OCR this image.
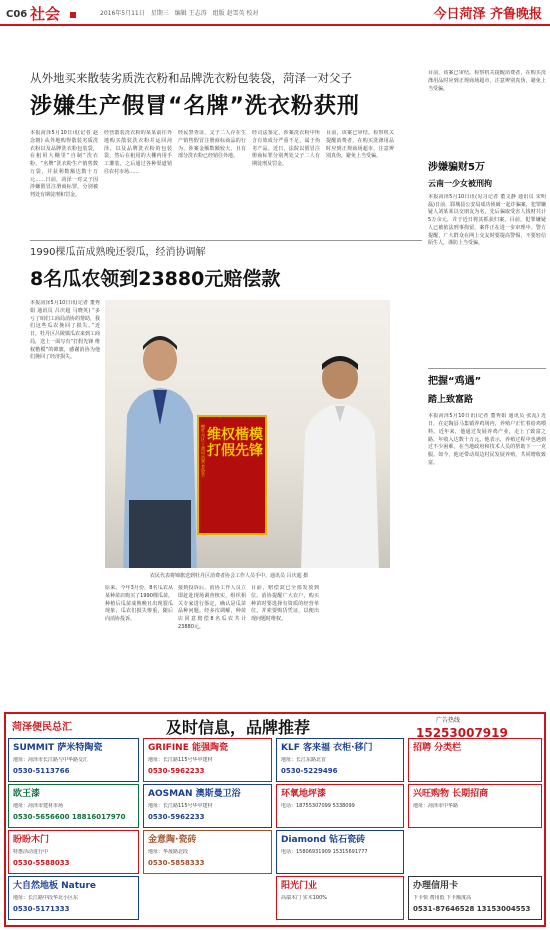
C06 社会	2016年5月11日　星期三　编辑 王志涛　组版 赵雪英 校对	今日菏泽 齐鲁晚报
从外地买来散装劣质洗衣粉和品牌洗衣粉包装袋，菏泽一对父子
涉嫌生产假冒“名牌”洗衣粉获刑
本报菏泽5月10日讯(记者 赵念朝) 从外地购得散装劣质洗衣粉以及品牌洗衣粉包装袋，在租用大棚里“自制”洗衣粉，“名牌”洗衣粉生产销售数万袋，并获利数额达数十万元……日前，菏泽一对父子因涉嫌假冒注册商标罪，分别被判处有期徒刑和罚金。
经营散装洗衣粉的某某前往外地购买散装洗衣粉并运回菏泽，以及品牌洗衣粉的包装袋，然后在租用的大棚内用手工灌装，之后通过各种渠道销往农村市场……
经民警查证，父子二人存在生产销售假冒注册商标商品的行为，涉案金额数额较大，且有部分洗衣粉已经销往外地。
经司法鉴定，涉案洗衣粉中所含有效成分严重不足，属于伪劣产品。近日，法院以假冒注册商标罪分别判处父子二人有期徒刑及罚金。
目前，该案已审结。检察机关提醒消费者，在购买洗涤用品时应到正规商场超市，注意辨别真伪，避免上当受骗。
1990棵瓜苗成熟晚还裂瓜，经消协调解
8名瓜农领到23880元赔偿款
本报菏泽5月10日讯(记者 董秀娟 通讯员 吕庆超 马晓英) “多亏了咱们工商局消协的帮助，我们这些瓜农挽回了损失。”近日，牡丹区吕陵镇瓜农来到工商局，送上一面写有“打假先锋 维权楷模”的锦旗，感谢消协为他们挽回了经济损失。
原来，今年3月份，8名瓜农从某种苗店购买了1990棵瓜苗，种植后瓜苗成熟晚且出现裂瓜现象，瓜农们损失惨重，随后向消协投诉。
接到投诉后，消协工作人员立即赶赴现场调查核实，组织相关专家进行鉴定，确认是瓜苗品种问题。经多次调解，种苗店同意赔偿8名瓜农共计23880元。
目前，赔偿款已全部发放到位。消协提醒广大农户，购买种苗时要选择有资质的经营单位，并索要购货凭证，以便出现问题时维权。
维权楷模　打假先锋
赠牡丹区工商局消费者协会
农民代表将锦旗送到牡丹区消费者协会工作人员手中。通讯员 吕庆超 摄
目前，该案已审结。检察机关提醒消费者，在购买洗涤用品时应到正规商场超市，注意辨别真伪，避免上当受骗。
涉嫌骗财5万
云南一少女被刑拘
本报菏泽5月10日讯(见习记者 董文静 通讯员 宋明磊)日前，郓城县公安局成功侦破一起诈骗案，犯罪嫌疑人刘某某以交朋友为名，先后骗取受害人钱财共计5万余元，并于近日将其抓获归案。目前，犯罪嫌疑人已被依法刑事拘留，案件正在进一步审理中。警方提醒，广大群众在网上交友时要提高警惕，不要轻信陌生人，谨防上当受骗。
把握“鸡遇”
踏上致富路
本报菏泽5月10日讯(记者 董秀娟 通讯员 张乱) 近日，在定陶县马集镇养鸡场内，养殖户正忙着给鸡喂料。近年来，他通过发展养鸡产业，走上了致富之路，年收入达数十万元。他表示，养殖过程中也遇到过不少困难，在当地政府和技术人员的帮助下一一克服。如今，他还带动周边村民发展养殖，共同增收致富。
菏泽便民总汇	及时信息，品牌推荐	广告热线
15253007919
SUMMIT 萨米特陶瓷
地址：菏泽市长江路与中华路交汇
0530-5113766
GRIFINE 能强陶瓷
地址：长江路115号华中建材
0530-5962233
KLF 客来福 衣柜·移门
地址：长江东路北首
0530-5229496
招聘 分类栏
欧王漆
地址：菏泽市建材市场
0530-5656600 18816017970
AOSMAN 澳斯曼卫浴
地址：长江路115号华中建材
0530-5962233
环氧地坪漆
电话：18755307099 5338099
兴旺购物 长期招商
地址：菏泽市中华路
盼盼木门
特惠活动进行中
0530-5588033
金意陶·瓷砖
地址：华晟路北段
0530-5858333
Diamond 钻石瓷砖
电话：15806931909 15315691777
大自然地板 Nature
地址：长江路中段华北小区东
0530-5171333
阳光门业
高端木门 实木100%
办理信用卡
下卡快 费用低 下卡额度高
0531-87646528 13153004553
